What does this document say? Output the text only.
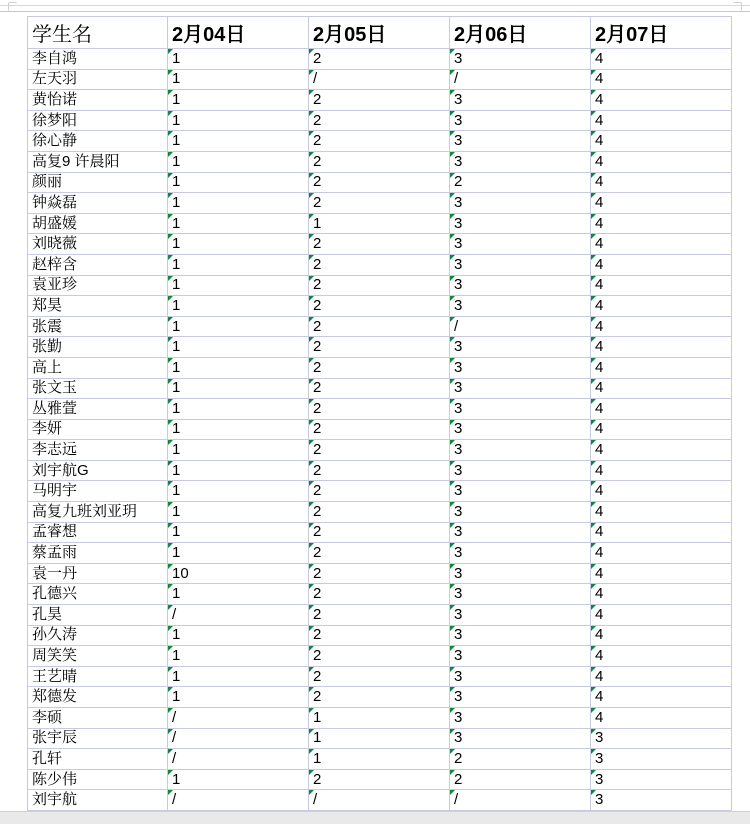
学生名	2月04日	2月05日	2月06日	2月07日
李自鸿	1	2	3	4
左天羽	1	/	/	4
黄怡诺	1	2	3	4
徐梦阳	1	2	3	4
徐心静	1	2	3	4
高复9 许晨阳	1	2	3	4
颜丽	1	2	2	4
钟焱磊	1	2	3	4
胡盛媛	1	1	3	4
刘晓薇	1	2	3	4
赵梓含	1	2	3	4
袁亚珍	1	2	3	4
郑昊	1	2	3	4
张震	1	2	/	4
张勤	1	2	3	4
高上	1	2	3	4
张文玉	1	2	3	4
丛雅萱	1	2	3	4
李妍	1	2	3	4
李志远	1	2	3	4
刘宇航G	1	2	3	4
马明宇	1	2	3	4
高复九班刘亚玥	1	2	3	4
孟睿想	1	2	3	4
蔡孟雨	1	2	3	4
袁一丹	10	2	3	4
孔德兴	1	2	3	4
孔昊	/	2	3	4
孙久涛	1	2	3	4
周笑笑	1	2	3	4
王艺晴	1	2	3	4
郑德发	1	2	3	4
李硕	/	1	3	4
张宇辰	/	1	3	3
孔轩	/	1	2	3
陈少伟	1	2	2	3
刘宇航	/	/	/	3
